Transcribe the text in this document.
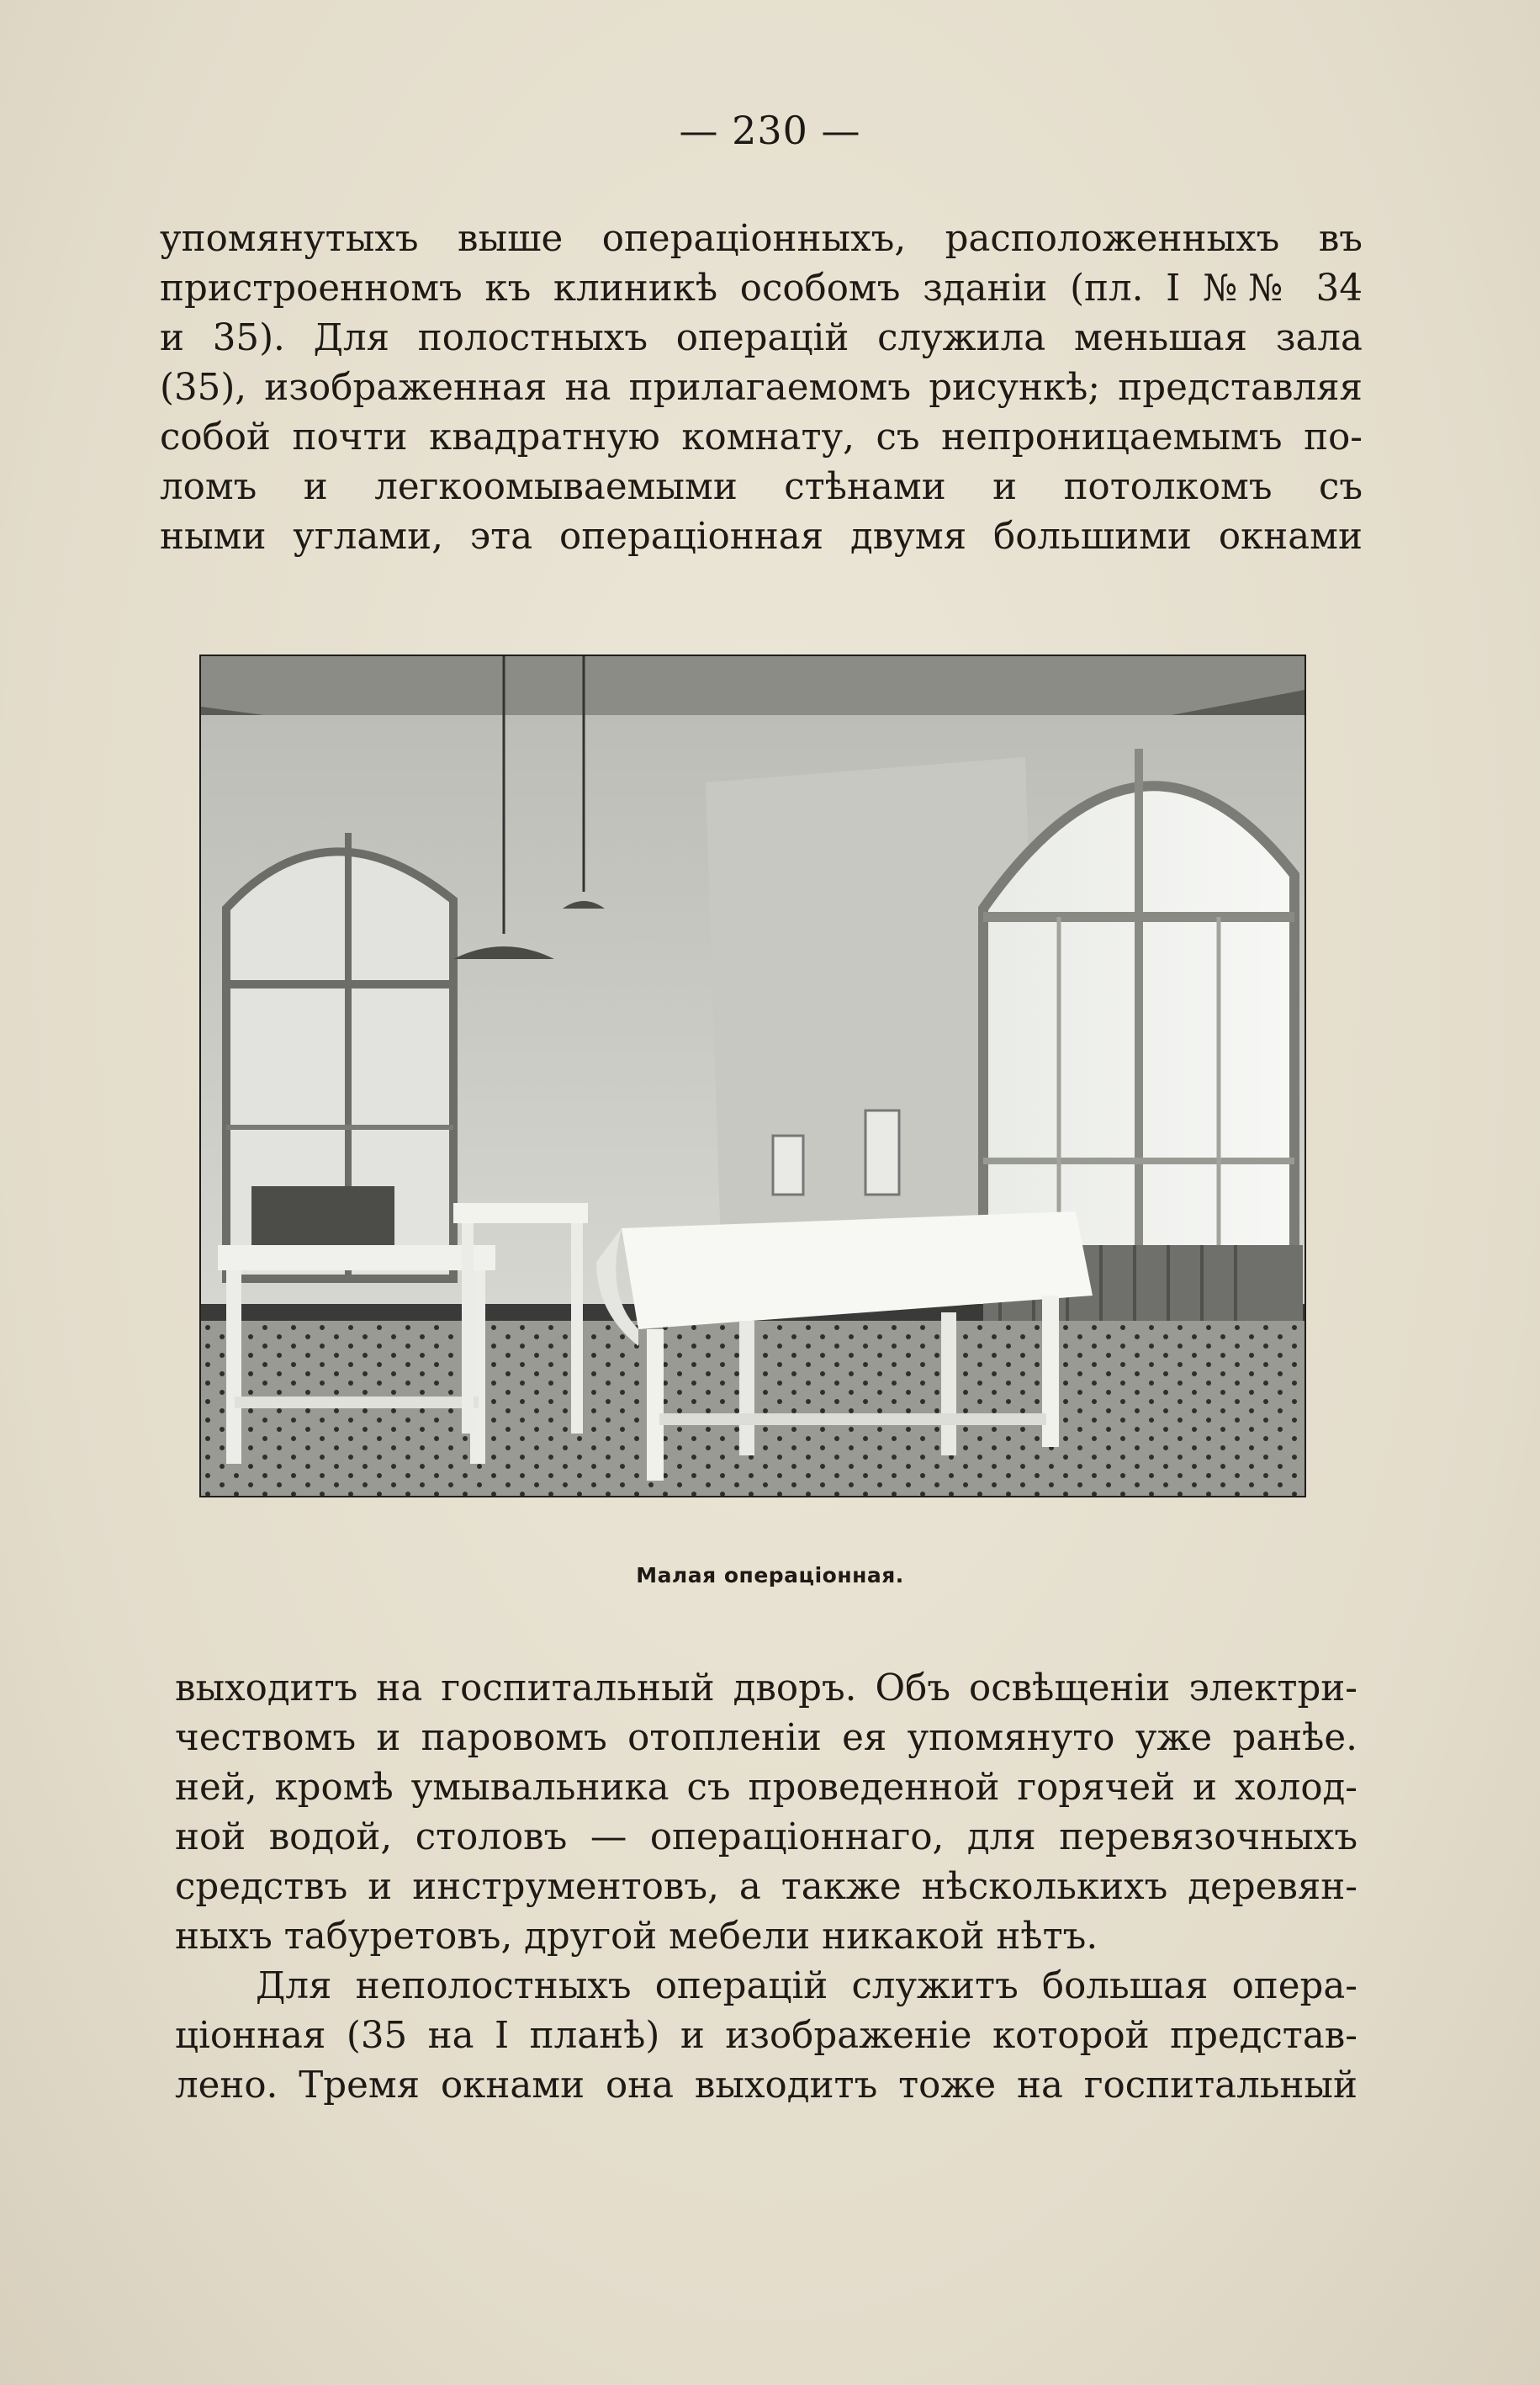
— 230 —
упомянутыхъ выше операціонныхъ, расположенныхъ въ
пристроенномъ къ клиникѣ особомъ зданіи (пл. I №№ 34
и 35). Для полостныхъ операцій служила меньшая зала
(35), изображенная на прилагаемомъ рисункѣ; представляя
собой почти квадратную комнату, съ непроницаемымъ по-
ломъ и легкоомываемыми стѣнами и потолкомъ съ
ными углами, эта операціонная двумя большими окнами
Малая операціонная.
выходитъ на госпитальный дворъ. Объ освѣщеніи электри-
чествомъ и паровомъ отопленіи ея упомянуто уже ранѣе.
ней, кромѣ умывальника съ проведенной горячей и холод-
ной водой, столовъ — операціоннаго, для перевязочныхъ
средствъ и инструментовъ, а также нѣсколькихъ деревян-
ныхъ табуретовъ, другой мебели никакой нѣтъ.
Для неполостныхъ операцій служитъ большая опера-
ціонная (35 на I планѣ) и изображеніе которой представ-
лено. Тремя окнами она выходитъ тоже на госпитальный
